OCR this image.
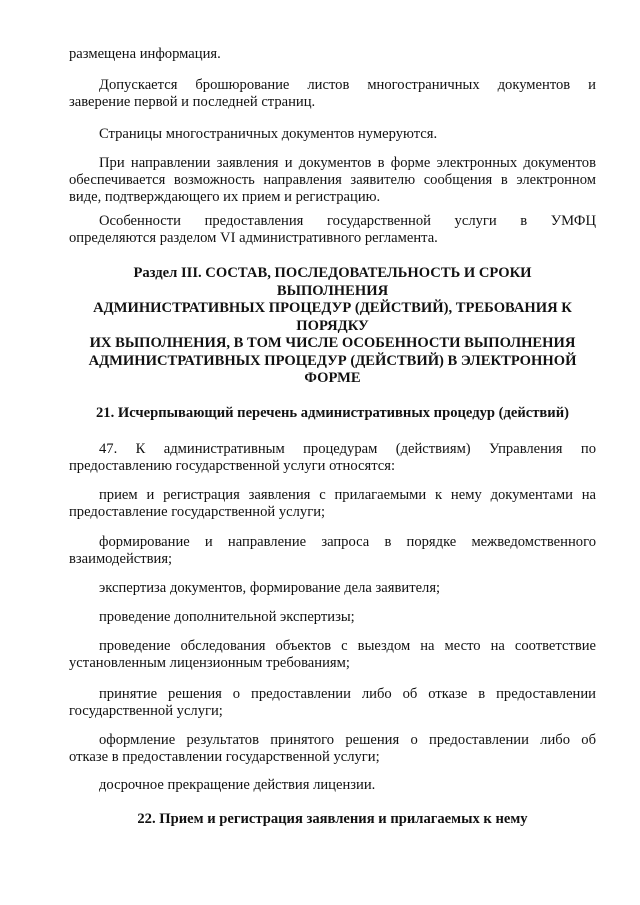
размещена информация.

Допускается брошюрование листов многостраничных документов и
заверение первой и последней страниц.

Страницы многостраничных документов нумеруются.

При направлении заявления и документов в форме электронных документов
обеспечивается возможность направления заявителю сообщения в электронном
виде, подтверждающего их прием и регистрацию.

Особенности предоставления государственной услуги в УМФЦ
определяются разделом VI административного регламента.

Раздел III. СОСТАВ, ПОСЛЕДОВАТЕЛЬНОСТЬ И СРОКИ
ВЫПОЛНЕНИЯ
АДМИНИСТРАТИВНЫХ ПРОЦЕДУР (ДЕЙСТВИЙ), ТРЕБОВАНИЯ К
ПОРЯДКУ
ИХ ВЫПОЛНЕНИЯ, В ТОМ ЧИСЛЕ ОСОБЕННОСТИ ВЫПОЛНЕНИЯ
АДМИНИСТРАТИВНЫХ ПРОЦЕДУР (ДЕЙСТВИЙ) В ЭЛЕКТРОННОЙ
ФОРМЕ
21. Исчерпывающий перечень административных процедур (действий)

47. К административным процедурам (действиям) Управления по
предоставлению государственной услуги относятся:

прием и регистрация заявления с прилагаемыми к нему документами на
предоставление государственной услуги;

формирование и направление запроса в порядке межведомственного
взаимодействия;

экспертиза документов, формирование дела заявителя;

проведение дополнительной экспертизы;

проведение обследования объектов с выездом на место на соответствие
установленным лицензионным требованиям;

принятие решения о предоставлении либо об отказе в предоставлении
государственной услуги;

оформление результатов принятого решения о предоставлении либо об
отказе в предоставлении государственной услуги;

досрочное прекращение действия лицензии.

22. Прием и регистрация заявления и прилагаемых к нему
